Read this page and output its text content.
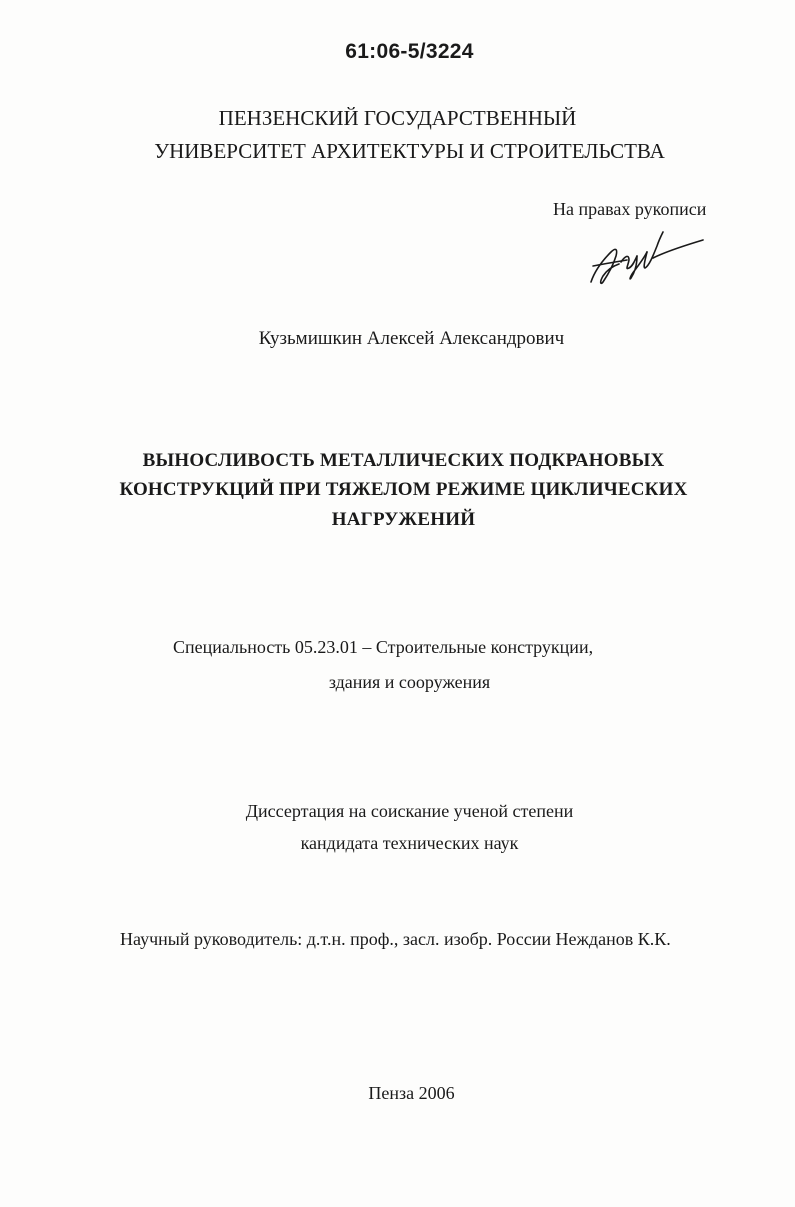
61:06-5/3224
ПЕНЗЕНСКИЙ ГОСУДАРСТВЕННЫЙ
УНИВЕРСИТЕТ АРХИТЕКТУРЫ И СТРОИТЕЛЬСТВА
На правах рукописи
Кузьмишкин Алексей Александрович
ВЫНОСЛИВОСТЬ МЕТАЛЛИЧЕСКИХ ПОДКРАНОВЫХ
КОНСТРУКЦИЙ ПРИ ТЯЖЕЛОМ РЕЖИМЕ ЦИКЛИЧЕСКИХ
НАГРУЖЕНИЙ
Специальность 05.23.01 – Строительные конструкции,
здания и сооружения
Диссертация на соискание ученой степени
кандидата технических наук
Научный руководитель: д.т.н. проф., засл. изобр. России Нежданов К.К.
Пенза 2006
